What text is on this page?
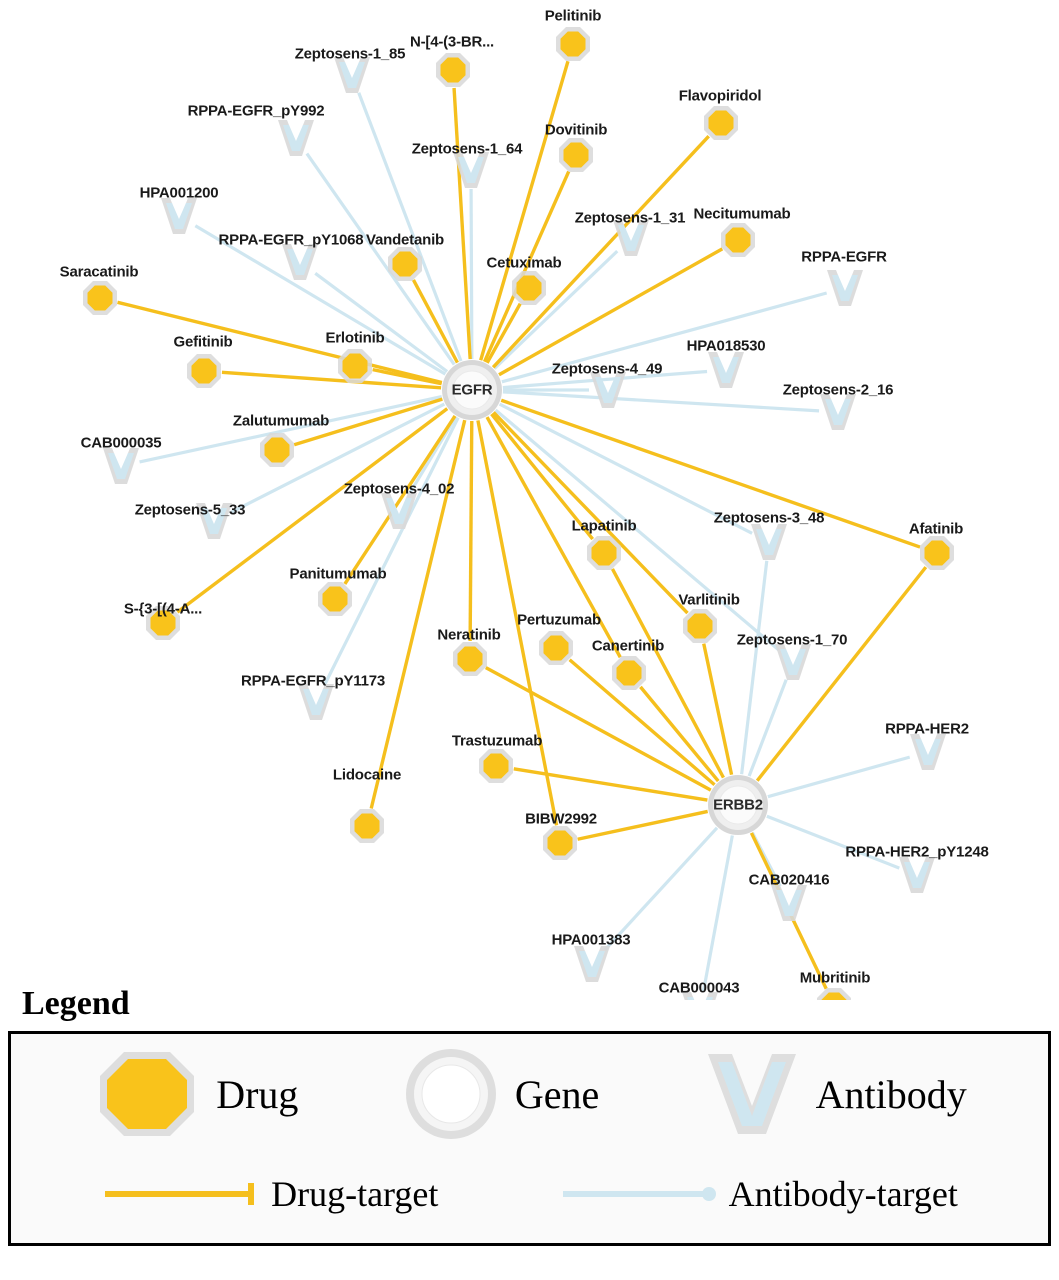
Pelitinib
N-[4-(3-BR...
Flavopiridol
Dovitinib
Vandetanib
Necitumumab
Cetuximab
Saracatinib
Erlotinib
Gefitinib
Zalutumumab
Afatinib
Lapatinib
Varlitinib
Pertuzumab
S-{3-[(4-A...
Canertinib
Neratinib
Panitumumab
Trastuzumab
Lidocaine
BIBW2992
Mubritinib
Zeptosens-1_85
RPPA-EGFR_pY992
Zeptosens-1_64
HPA001200
Zeptosens-1_31
RPPA-EGFR_pY1068
RPPA-EGFR
HPA018530
Zeptosens-4_49
Zeptosens-2_16
CAB000035
Zeptosens-5_33
Zeptosens-4_02
Zeptosens-3_48
Zeptosens-1_70
RPPA-EGFR_pY1173
RPPA-HER2
RPPA-HER2_pY1248
CAB020416
HPA001383
CAB000043
EGFR
ERBB2
Legend
Drug	Gene	Antibody
Drug-target	Antibody-target
